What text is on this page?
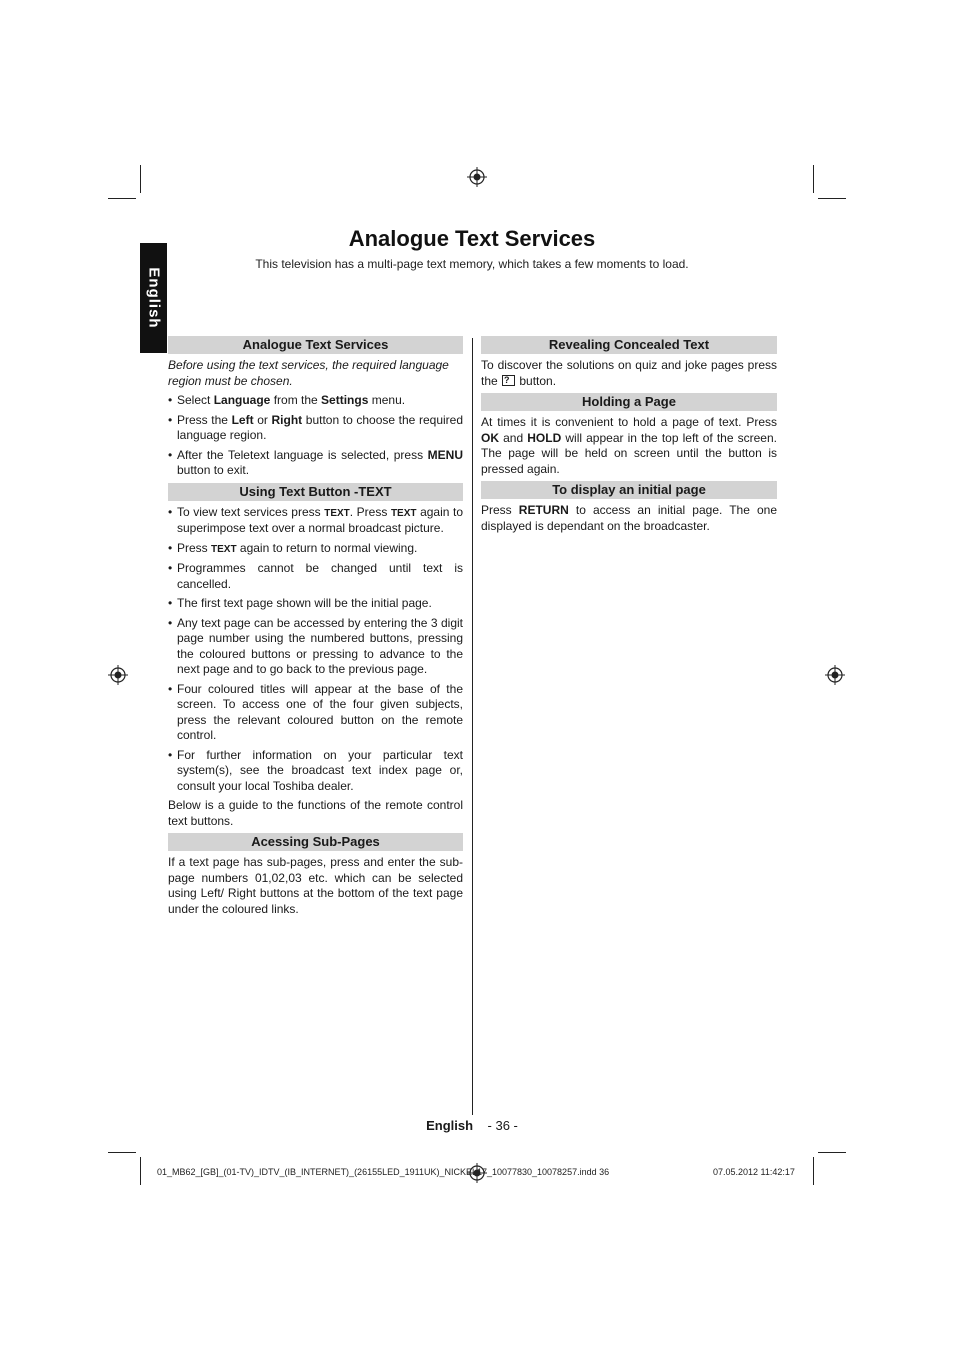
English
Analogue Text Services

This television has a multi-page text memory, which takes a few moments to load.

Analogue Text Services

Before using the text services, the required language region must be chosen.

• Select Language from the Settings menu.
• Press the Left or Right button to choose the required language region.
• After the Teletext language is selected, press MENU button to exit.
Using Text Button -TEXT
• To view text services press TEXT. Press TEXT again to superimpose text over a normal broadcast picture.
• Press TEXT again to return to normal viewing.
• Programmes cannot be changed until text is cancelled.
• The first text page shown will be the initial page.
• Any text page can be accessed by entering the 3 digit page number using the numbered buttons, pressing the coloured buttons or pressing to advance to the next page and to go back to the previous page.
• Four coloured titles will appear at the base of the screen. To access one of the four given subjects, press the relevant coloured button on the remote control.
• For further information on your particular text system(s), see the broadcast text index page or, consult your local Toshiba dealer.

Below is a guide to the functions of the remote control text buttons.

Acessing Sub-Pages

If a text page has sub-pages, press and enter the sub-page numbers 01,02,03 etc. which can be selected using Left/ Right buttons at the bottom of the text page under the coloured links.

Revealing Concealed Text

To discover the solutions on quiz and joke pages press the ? button.

Holding a Page

At times it is convenient to hold a page of text. Press OK and HOLD will appear in the top left of the screen. The page will be held on screen until the button is pressed again.

To display an initial page

Press RETURN to access an initial page. The one displayed is dependant on the broadcaster.

English - 36 -
01_MB62_[GB]_(01-TV)_IDTV_(IB_INTERNET)_(26155LED_1911UK)_NICKEL17_10077830_10078257.indd 36	07.05.2012 11:42:17
